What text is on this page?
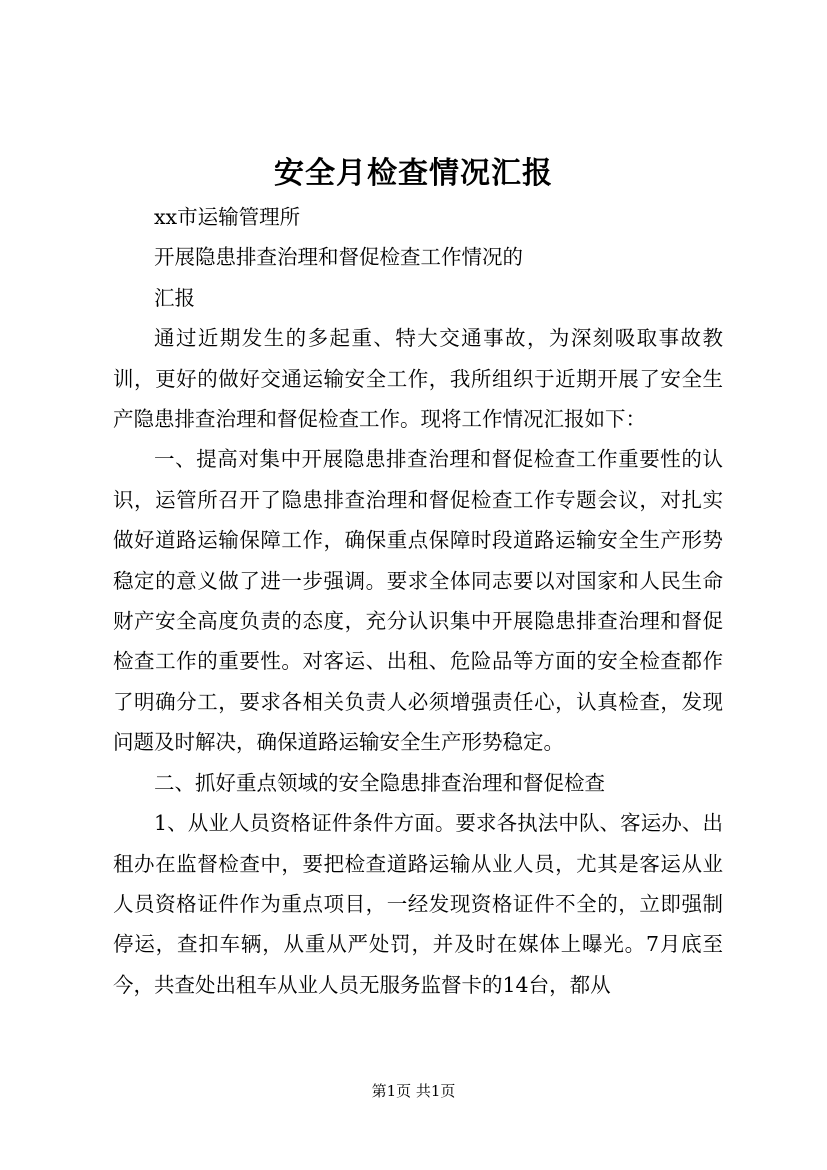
安全月检查情况汇报

xx市运输管理所

开展隐患排查治理和督促检查工作情况的

汇报

通过近期发生的多起重、特大交通事故，为深刻吸取事故教训，更好的做好交通运输安全工作，我所组织于近期开展了安全生产隐患排查治理和督促检查工作。现将工作情况汇报如下：

一、提高对集中开展隐患排查治理和督促检查工作重要性的认识，运管所召开了隐患排查治理和督促检查工作专题会议，对扎实做好道路运输保障工作，确保重点保障时段道路运输安全生产形势稳定的意义做了进一步强调。要求全体同志要以对国家和人民生命财产安全高度负责的态度，充分认识集中开展隐患排查治理和督促检查工作的重要性。对客运、出租、危险品等方面的安全检查都作了明确分工，要求各相关负责人必须增强责任心，认真检查，发现问题及时解决，确保道路运输安全生产形势稳定。

二、抓好重点领域的安全隐患排查治理和督促检查

1、从业人员资格证件条件方面。要求各执法中队、客运办、出租办在监督检查中，要把检查道路运输从业人员，尤其是客运从业人员资格证件作为重点项目，一经发现资格证件不全的，立即强制停运，查扣车辆，从重从严处罚，并及时在媒体上曝光。7月底至今，共查处出租车从业人员无服务监督卡的14台，都从

第1页 共1页
